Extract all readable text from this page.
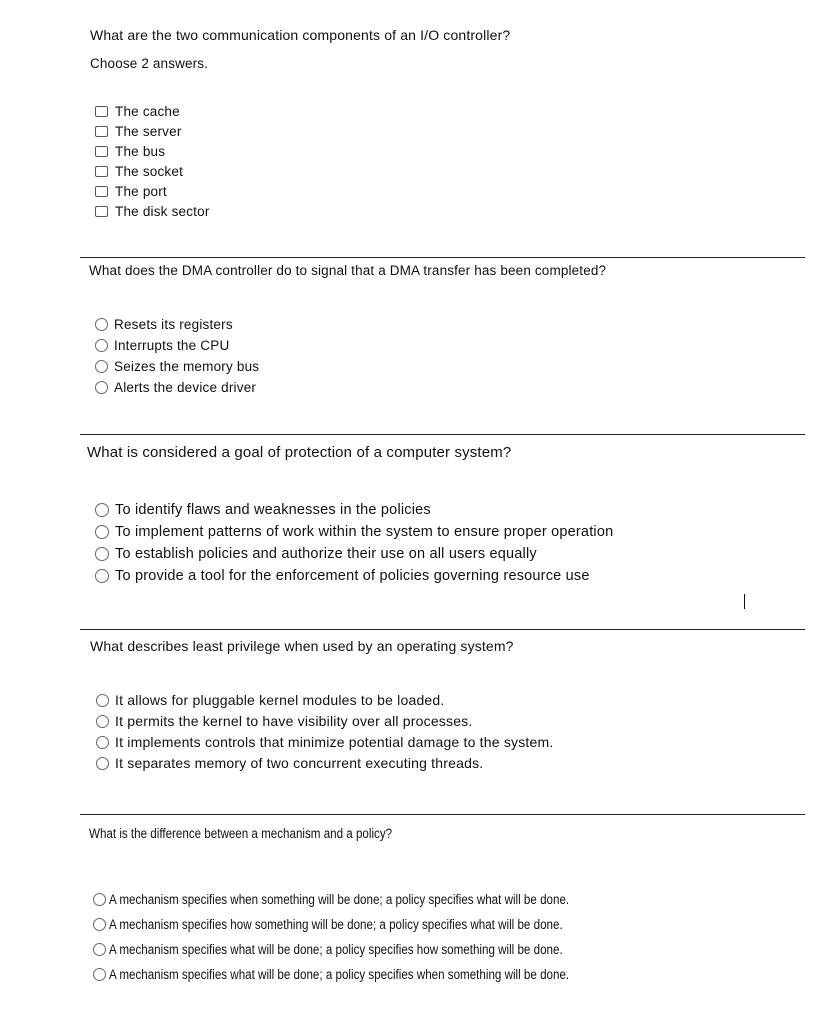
What are the two communication components of an I/O controller?
Choose 2 answers.
The cache
The server
The bus
The socket
The port
The disk sector
What does the DMA controller do to signal that a DMA transfer has been completed?
Resets its registers
Interrupts the CPU
Seizes the memory bus
Alerts the device driver
What is considered a goal of protection of a computer system?
To identify flaws and weaknesses in the policies
To implement patterns of work within the system to ensure proper operation
To establish policies and authorize their use on all users equally
To provide a tool for the enforcement of policies governing resource use
What describes least privilege when used by an operating system?
It allows for pluggable kernel modules to be loaded.
It permits the kernel to have visibility over all processes.
It implements controls that minimize potential damage to the system.
It separates memory of two concurrent executing threads.
What is the difference between a mechanism and a policy?
A mechanism specifies when something will be done; a policy specifies what will be done.
A mechanism specifies how something will be done; a policy specifies what will be done.
A mechanism specifies what will be done; a policy specifies how something will be done.
A mechanism specifies what will be done; a policy specifies when something will be done.
